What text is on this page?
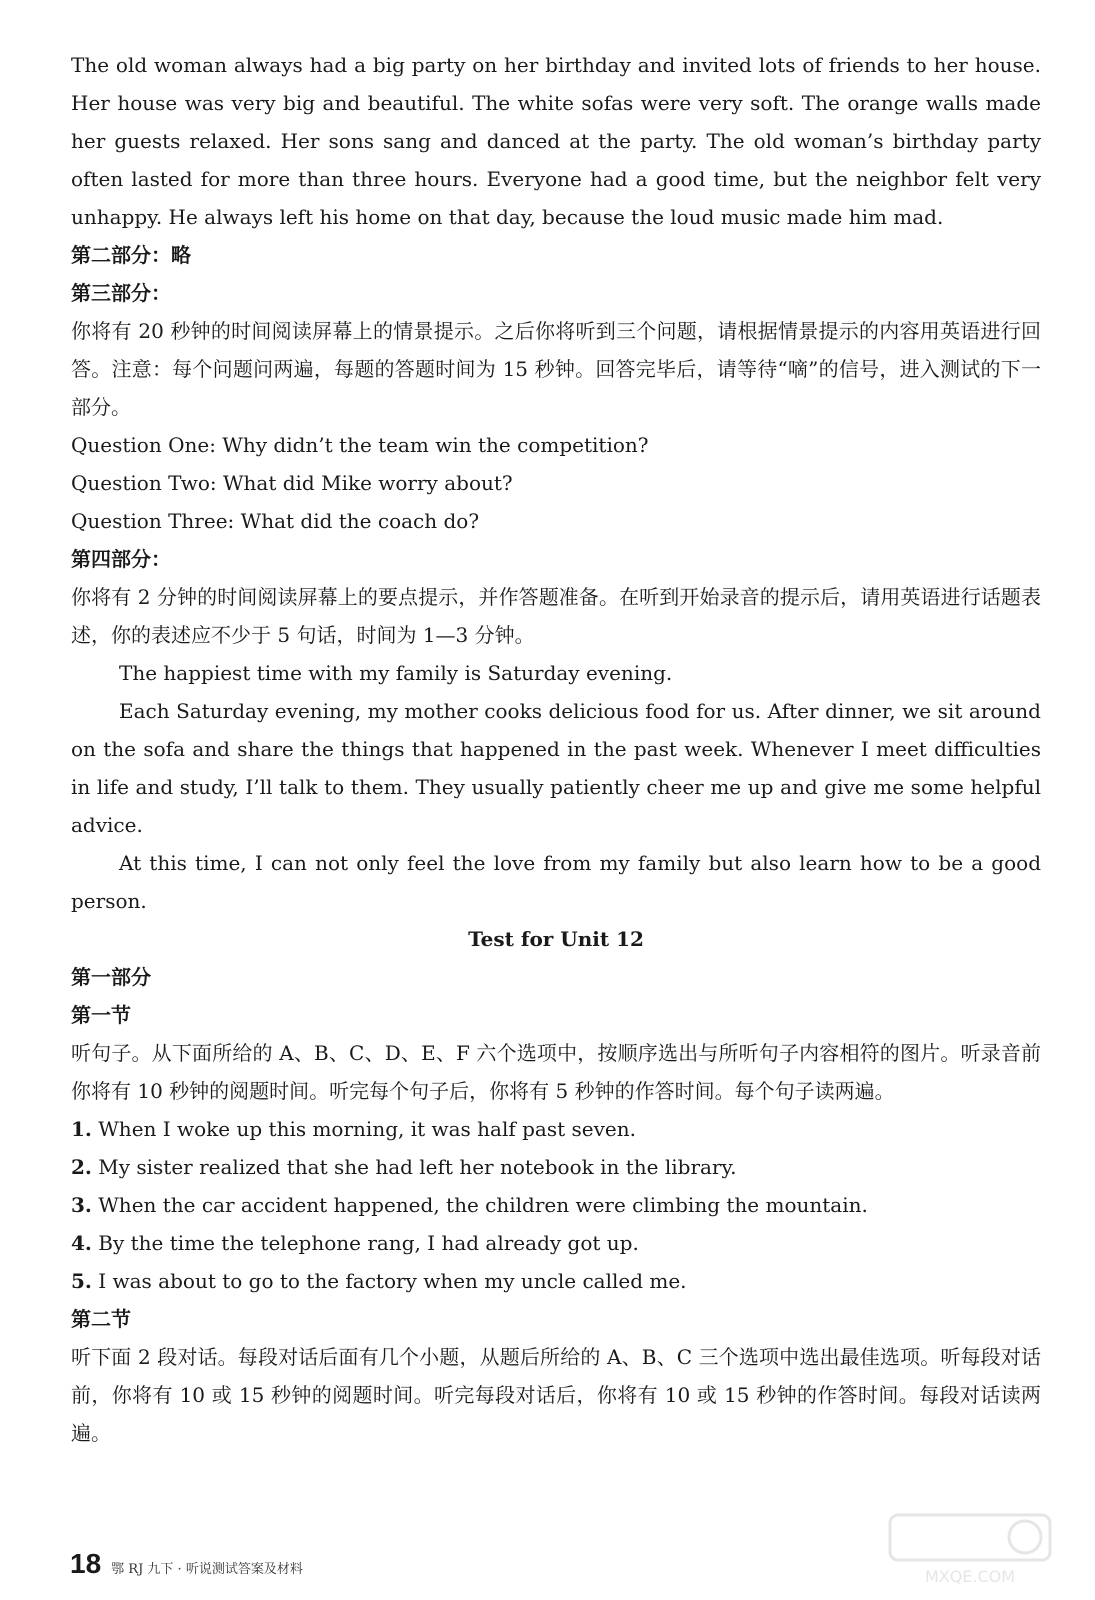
The old woman always had a big party on her birthday and invited lots of friends to her house. Her house was very big and beautiful. The white sofas were very soft. The orange walls made her guests relaxed. Her sons sang and danced at the party. The old woman’s birthday party often lasted for more than three hours. Everyone had a good time, but the neighbor felt very unhappy. He always left his home on that day, because the loud music made him mad.

第二部分：略

第三部分：

你将有 20 秒钟的时间阅读屏幕上的情景提示。之后你将听到三个问题，请根据情景提示的内容用英语进行回答。注意：每个问题问两遍，每题的答题时间为 15 秒钟。回答完毕后，请等待“嘀”的信号，进入测试的下一部分。

Question One: Why didn’t the team win the competition?

Question Two: What did Mike worry about?

Question Three: What did the coach do?

第四部分：

你将有 2 分钟的时间阅读屏幕上的要点提示，并作答题准备。在听到开始录音的提示后，请用英语进行话题表述，你的表述应不少于 5 句话，时间为 1—3 分钟。

The happiest time with my family is Saturday evening.

Each Saturday evening, my mother cooks delicious food for us. After dinner, we sit around on the sofa and share the things that happened in the past week. Whenever I meet difficulties in life and study, I’ll talk to them. They usually patiently cheer me up and give me some helpful advice.

At this time, I can not only feel the love from my family but also learn how to be a good person.

Test for Unit 12

第一部分

第一节

听句子。从下面所给的 A、B、C、D、E、F 六个选项中，按顺序选出与所听句子内容相符的图片。听录音前你将有 10 秒钟的阅题时间。听完每个句子后，你将有 5 秒钟的作答时间。每个句子读两遍。

1. When I woke up this morning, it was half past seven.

2. My sister realized that she had left her notebook in the library.

3. When the car accident happened, the children were climbing the mountain.

4. By the time the telephone rang, I had already got up.

5. I was about to go to the factory when my uncle called me.

第二节

听下面 2 段对话。每段对话后面有几个小题，从题后所给的 A、B、C 三个选项中选出最佳选项。听每段对话前，你将有 10 或 15 秒钟的阅题时间。听完每段对话后，你将有 10 或 15 秒钟的作答时间。每段对话读两遍。

18 鄂 RJ 九下 · 听说测试答案及材料	MXQE.COM
